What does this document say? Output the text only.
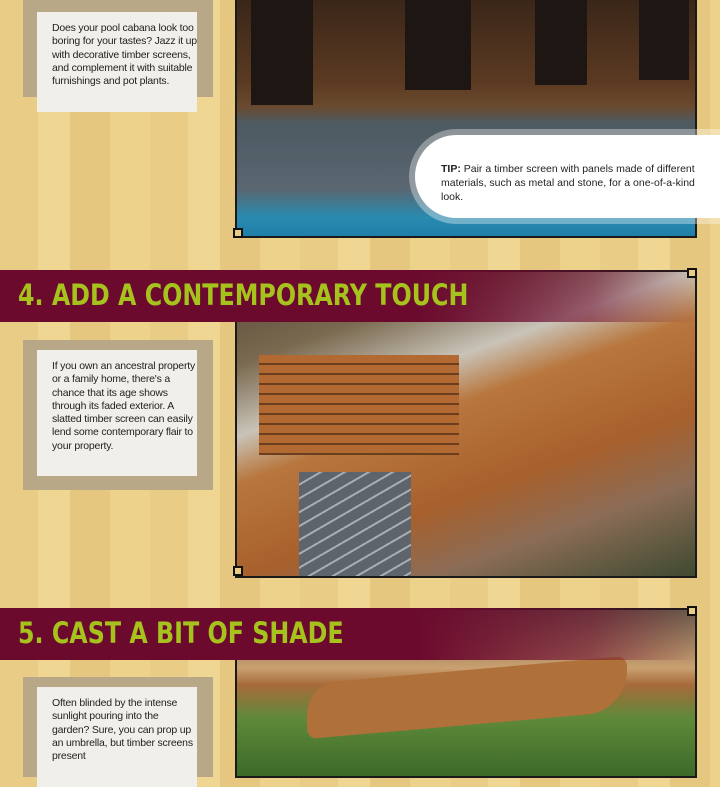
Does your pool cabana look too boring for your tastes? Jazz it up with decorative timber screens, and complement it with suitable furnishings and pot plants.
TIP: Pair a timber screen with panels made of different materials, such as metal and stone, for a one-of-a-kind look.
4. ADD A CONTEMPORARY TOUCH
If you own an ancestral property or a family home, there's a chance that its age shows through its faded exterior. A slatted timber screen can easily lend some contemporary flair to your property.
5. CAST A BIT OF SHADE
Often blinded by the intense sunlight pouring into the garden? Sure, you can prop up an umbrella, but timber screens present
